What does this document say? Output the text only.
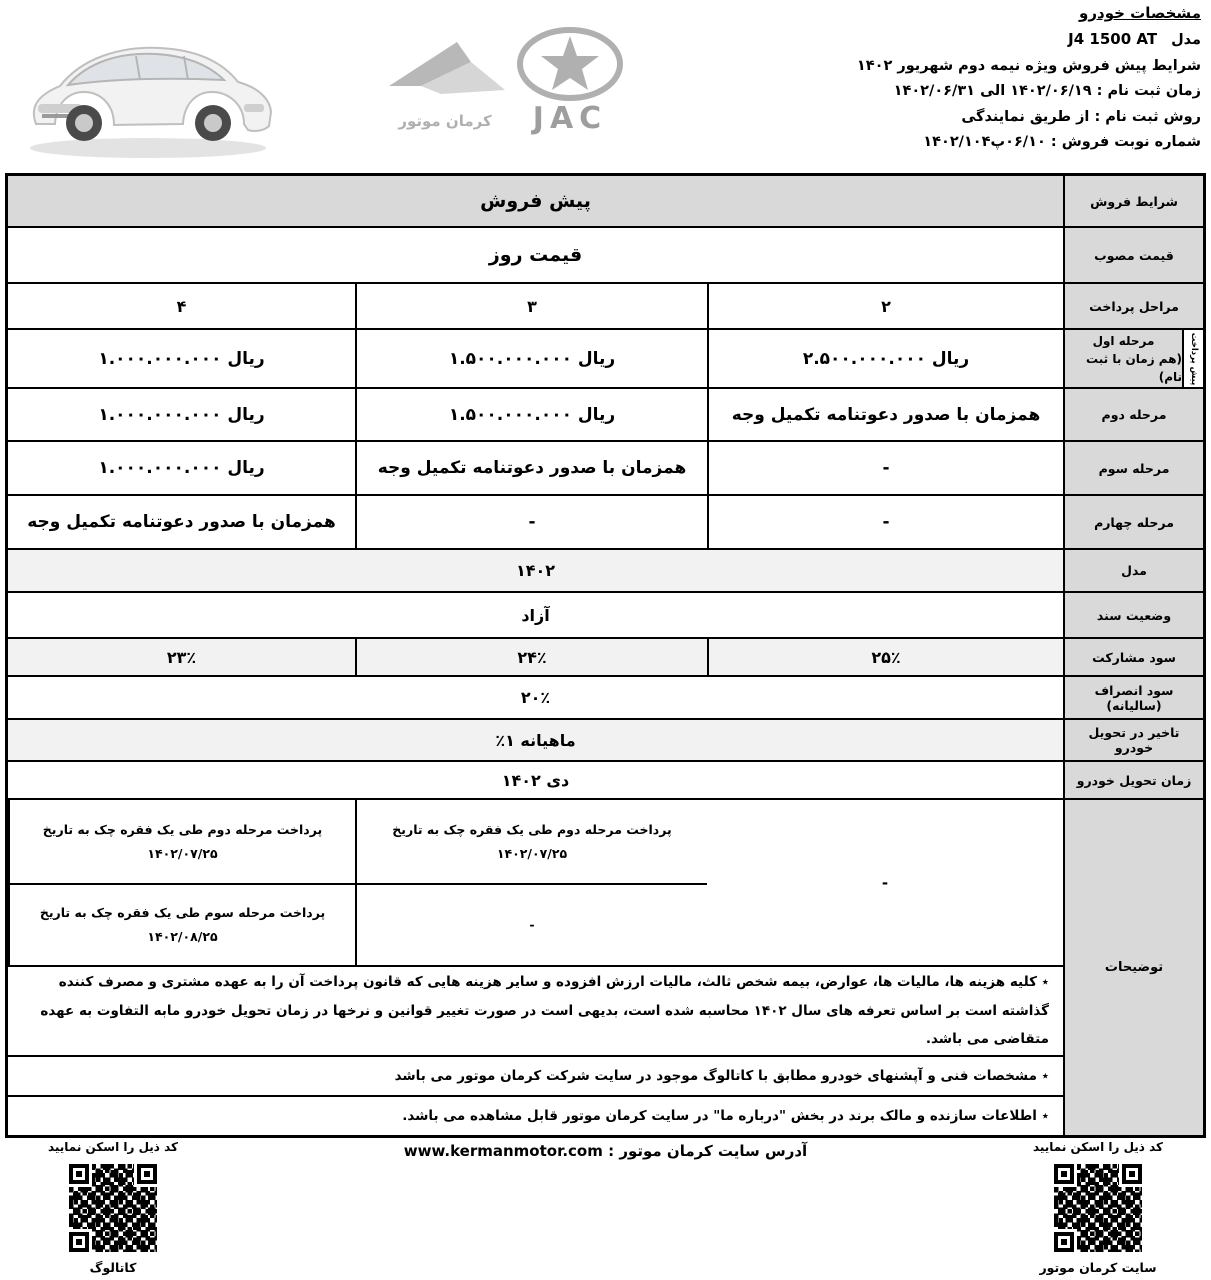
مشخصات خودرو
مدلJ4 1500 AT
شرایط پیش فروش ویژه نیمه دوم شهریور ۱۴۰۲
زمان ثبت نام : ۱۴۰۲/۰۶/۱۹ الی ۱۴۰۲/۰۶/۳۱
روش ثبت نام : از طریق نمایندگی
شماره نوبت فروش : ۰۶/۱۰پ۱۴۰۲/۱۰۴
کرمان موتور JAC
شرایط فروش
پیش فروش
قیمت مصوب
قیمت روز
مراحل پرداخت
۲
۳
۴
پیش پرداخت
مرحله اول
(هم زمان با ثبت نام)
۲.۵۰۰.۰۰۰.۰۰۰ ریال
۱.۵۰۰.۰۰۰.۰۰۰ ریال
۱.۰۰۰.۰۰۰.۰۰۰ ریال
مرحله دوم
همزمان با صدور دعوتنامه تکمیل وجه
۱.۵۰۰.۰۰۰.۰۰۰ ریال
۱.۰۰۰.۰۰۰.۰۰۰ ریال
مرحله سوم
-
همزمان با صدور دعوتنامه تکمیل وجه
۱.۰۰۰.۰۰۰.۰۰۰ ریال
مرحله چهارم
-
-
همزمان با صدور دعوتنامه تکمیل وجه
مدل
۱۴۰۲
وضعیت سند
آزاد
سود مشارکت
۲۵٪
۲۴٪
۲۳٪
سود انصراف (سالیانه)
۲۰٪
تاخیر در تحویل خودرو
٪۱ ماهیانه
زمان تحویل خودرو
دی ۱۴۰۲
توضیحات
-
پرداخت مرحله دوم طی یک فقره چک به تاریخ ۱۴۰۲/۰۷/۲۵
-
پرداخت مرحله دوم طی یک فقره چک به تاریخ ۱۴۰۲/۰۷/۲۵
پرداخت مرحله سوم طی یک فقره چک به تاریخ ۱۴۰۲/۰۸/۲۵
٭ کلیه هزینه ها، مالیات ها، عوارض، بیمه شخص ثالث، مالیات ارزش افزوده و سایر هزینه هایی که قانون پرداخت آن را به عهده مشتری و مصرف کننده گذاشته است بر اساس تعرفه های سال ۱۴۰۲ محاسبه شده است، بدیهی است در صورت تغییر قوانین و نرخها در زمان تحویل خودرو مابه التفاوت به عهده متقاضی می باشد.
٭ مشخصات فنی و آپشنهای خودرو مطابق با کاتالوگ موجود در سایت شرکت کرمان موتور می باشد
٭ اطلاعات سازنده و مالک برند در بخش "درباره ما" در سایت کرمان موتور قابل مشاهده می باشد.
آدرس سایت کرمان موتور : www.kermanmotor.com	کد ذیل را اسکن نمایید
سایت کرمان موتور
کد ذیل را اسکن نمایید
کاتالوگ
